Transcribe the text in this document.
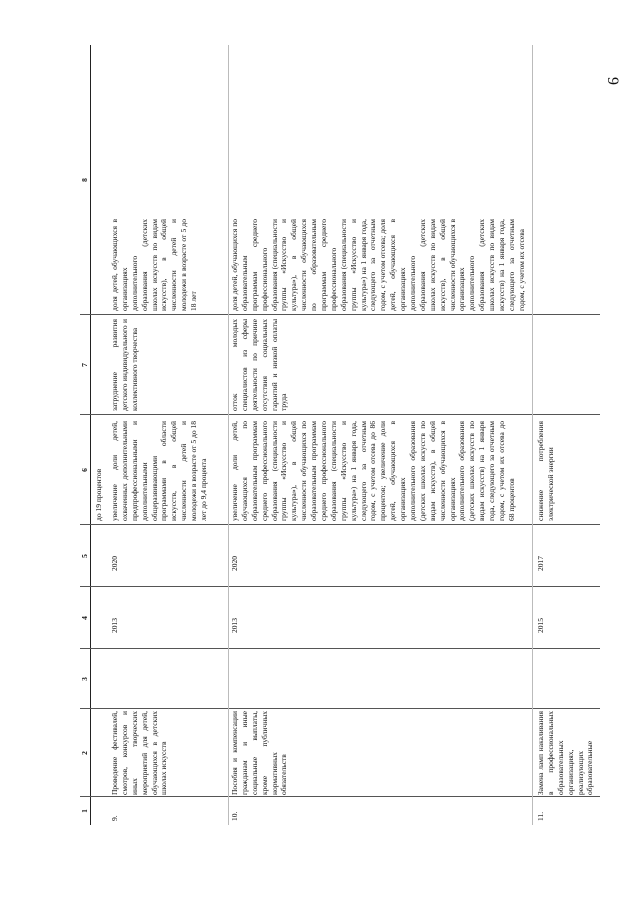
9
1
2
3
4
5
6
7
8
до 19 процентов
9.
Проведение фестивалей, смотров, конкурсов и иных творческих мероприятий для детей, обучающихся в детских школах искусств
2013
2020
увеличение доли детей, охваченных дополнительными предпрофессиональными и дополнительными общеразвивающими программами в области искусств, в общей численности детей и молодежи в возрасте от 5 до 18 лет до 9,4 процента
затруднение развития детского индивидуального и коллективного творчества
доля детей, обучающихся в организациях дополнительного образования (детских школах искусств по видам искусств), в общей численности детей и молодежи в возрасте от 5 до 18 лет
10.
Пособия и компенсации гражданам и иные социальные выплаты, кроме публичных нормативных обязательств
2013
2020
увеличение доли детей, обучающихся по образовательным программам среднего профессионального образования (специальности группы «Искусство и культура»), в общей численности обучающихся по образовательным программам среднего профессионального образования (специальности группы «Искусство и культура») на 1 января года, следующего за отчетным годом, с учетом отсева до 86 процентов; увеличение доли детей, обучающихся в организациях дополнительного образования (детских школах искусств по видам искусств), в общей численности обучающихся в организациях дополнительного образования (детских школах искусств по видам искусств) на 1 января года, следующего за отчетным годом, с учетом их отсева до 68 процентов
отток молодых специалистов из сферы деятельности по причине отсутствия социальных гарантий и низкой оплаты труда
доля детей, обучающихся по образовательным программам среднего профессионального образования (специальности группы «Искусство и культура»), в общей численности обучающихся по образовательным программам среднего профессионального образования (специальности группы «Искусство и культура») на 1 января года, следующего за отчетным годом, с учетом отсева; доля детей, обучающихся в организациях дополнительного образования (детских школах искусств по видам искусств), в общей численности обучающихся в организациях дополнительного образования (детских школах искусств по видам искусств) на 1 января года, следующего за отчетным годом, с учетом их отсева
11.
Замена ламп накаливания в профессиональных образовательных организациях, реализующих образовательные
2015
2017
снижение потребления электрической энергии
